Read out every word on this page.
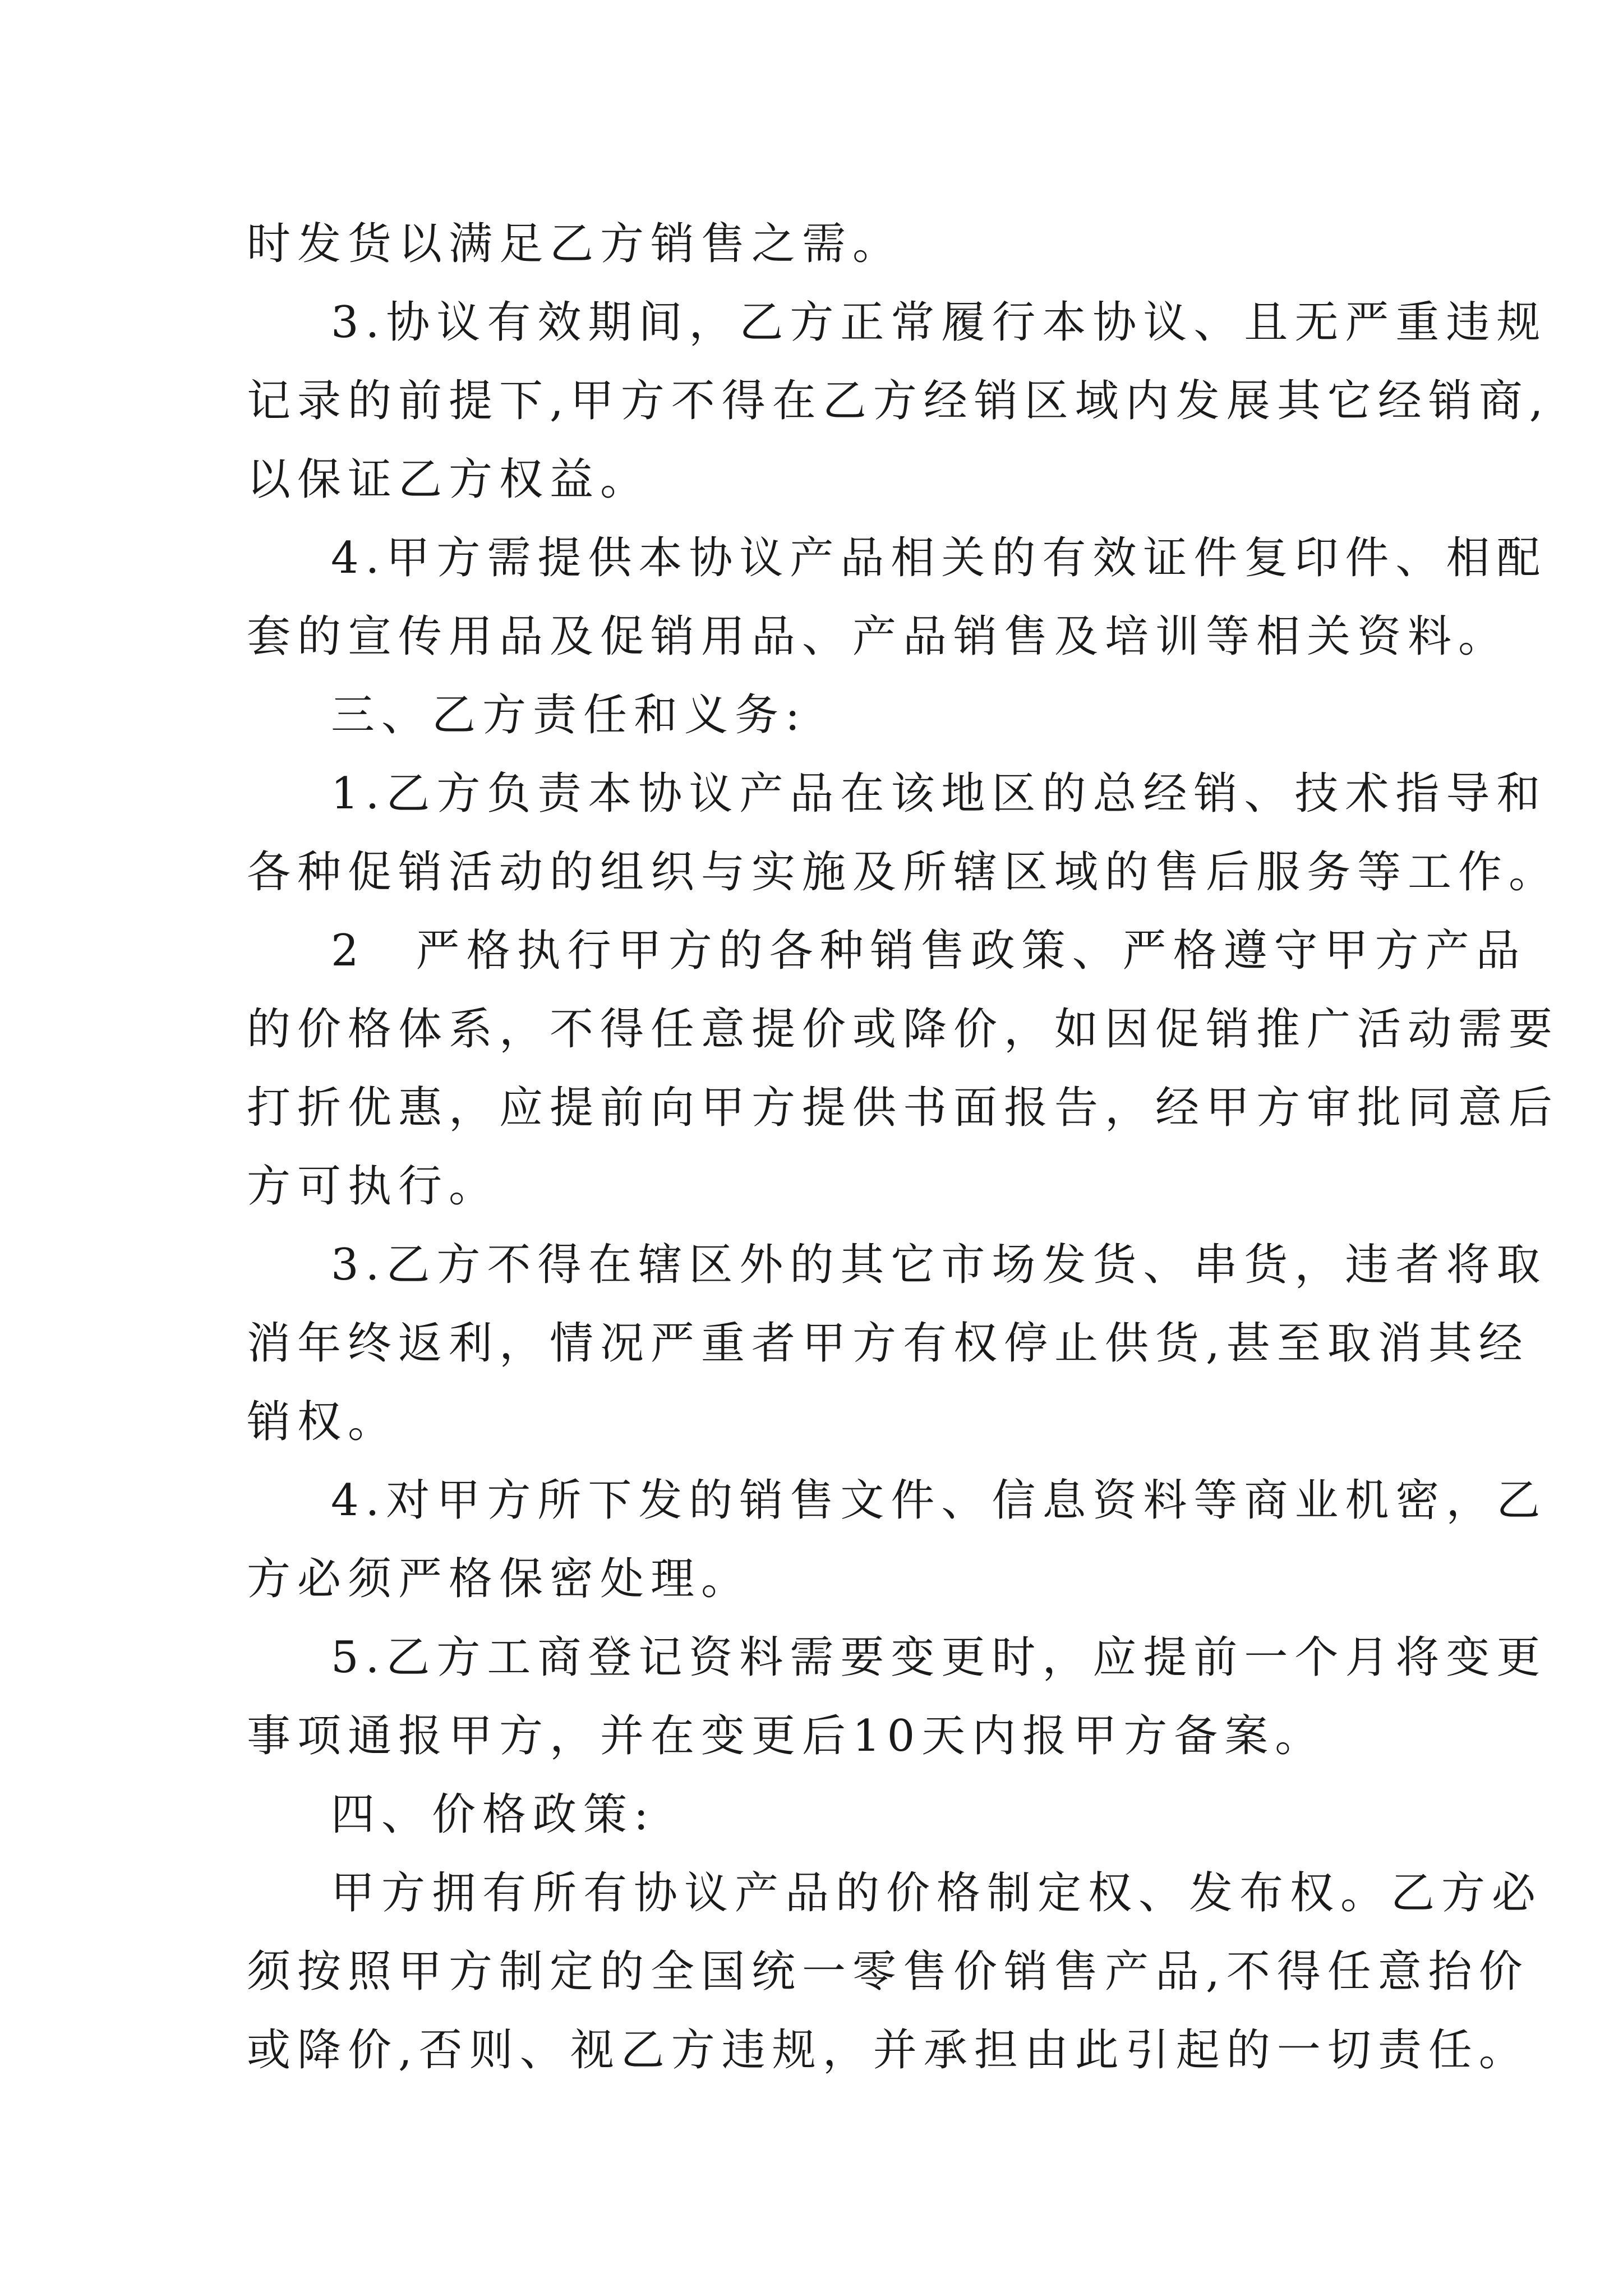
时发货以满足乙方销售之需。
3.协议有效期间，乙方正常履行本协议、且无严重违规
记录的前提下,甲方不得在乙方经销区域内发展其它经销商,
以保证乙方权益。
4.甲方需提供本协议产品相关的有效证件复印件、相配
套的宣传用品及促销用品、产品销售及培训等相关资料。
三、乙方责任和义务:
1.乙方负责本协议产品在该地区的总经销、技术指导和
各种促销活动的组织与实施及所辖区域的售后服务等工作。
2　严格执行甲方的各种销售政策、严格遵守甲方产品
的价格体系，不得任意提价或降价，如因促销推广活动需要
打折优惠，应提前向甲方提供书面报告，经甲方审批同意后
方可执行。
3.乙方不得在辖区外的其它市场发货、串货，违者将取
消年终返利，情况严重者甲方有权停止供货,甚至取消其经
销权。
4.对甲方所下发的销售文件、信息资料等商业机密，乙
方必须严格保密处理。
5.乙方工商登记资料需要变更时，应提前一个月将变更
事项通报甲方，并在变更后10天内报甲方备案。
四、价格政策:
甲方拥有所有协议产品的价格制定权、发布权。乙方必
须按照甲方制定的全国统一零售价销售产品,不得任意抬价
或降价,否则、视乙方违规，并承担由此引起的一切责任。
